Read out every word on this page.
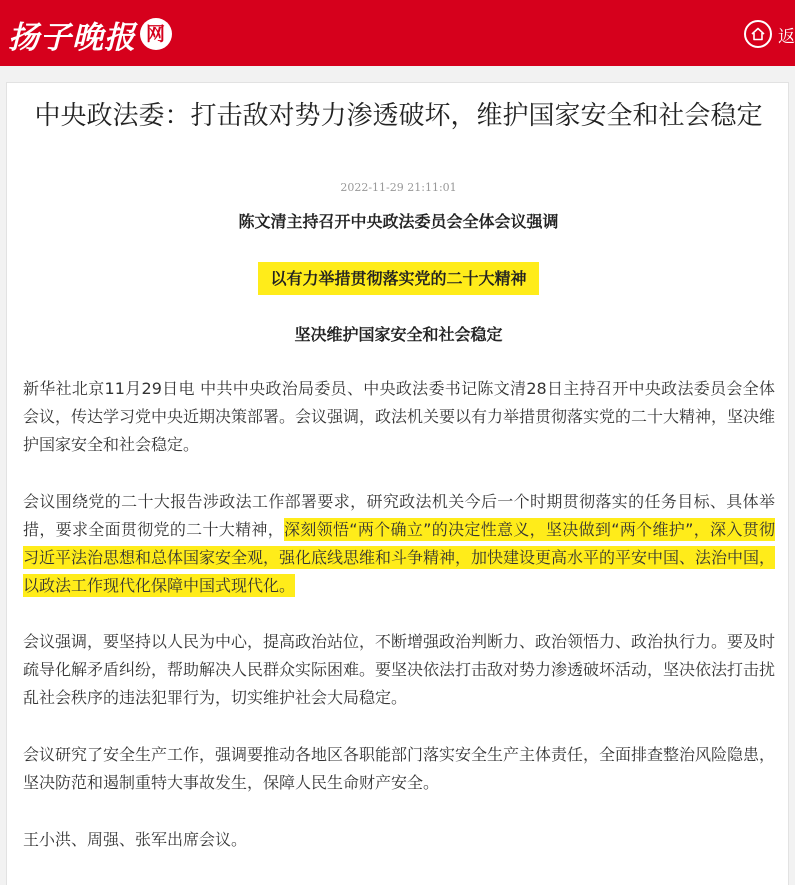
扬子晚报 网	返
中央政法委：打击敌对势力渗透破坏，维护国家安全和社会稳定
2022-11-29 21:11:01
陈文清主持召开中央政法委员会全体会议强调
以有力举措贯彻落实党的二十大精神
坚决维护国家安全和社会稳定

新华社北京11月29日电 中共中央政治局委员、中央政法委书记陈文清28日主持召开中央政法委员会全体会议，传达学习党中央近期决策部署。会议强调，政法机关要以有力举措贯彻落实党的二十大精神，坚决维护国家安全和社会稳定。

会议围绕党的二十大报告涉政法工作部署要求，研究政法机关今后一个时期贯彻落实的任务目标、具体举措，要求全面贯彻党的二十大精神，深刻领悟“两个确立”的决定性意义，坚决做到“两个维护”，深入贯彻习近平法治思想和总体国家安全观，强化底线思维和斗争精神，加快建设更高水平的平安中国、法治中国，以政法工作现代化保障中国式现代化。

会议强调，要坚持以人民为中心，提高政治站位，不断增强政治判断力、政治领悟力、政治执行力。要及时疏导化解矛盾纠纷，帮助解决人民群众实际困难。要坚决依法打击敌对势力渗透破坏活动，坚决依法打击扰乱社会秩序的违法犯罪行为，切实维护社会大局稳定。

会议研究了安全生产工作，强调要推动各地区各职能部门落实安全生产主体责任，全面排查整治风险隐患，坚决防范和遏制重特大事故发生，保障人民生命财产安全。

王小洪、周强、张军出席会议。
